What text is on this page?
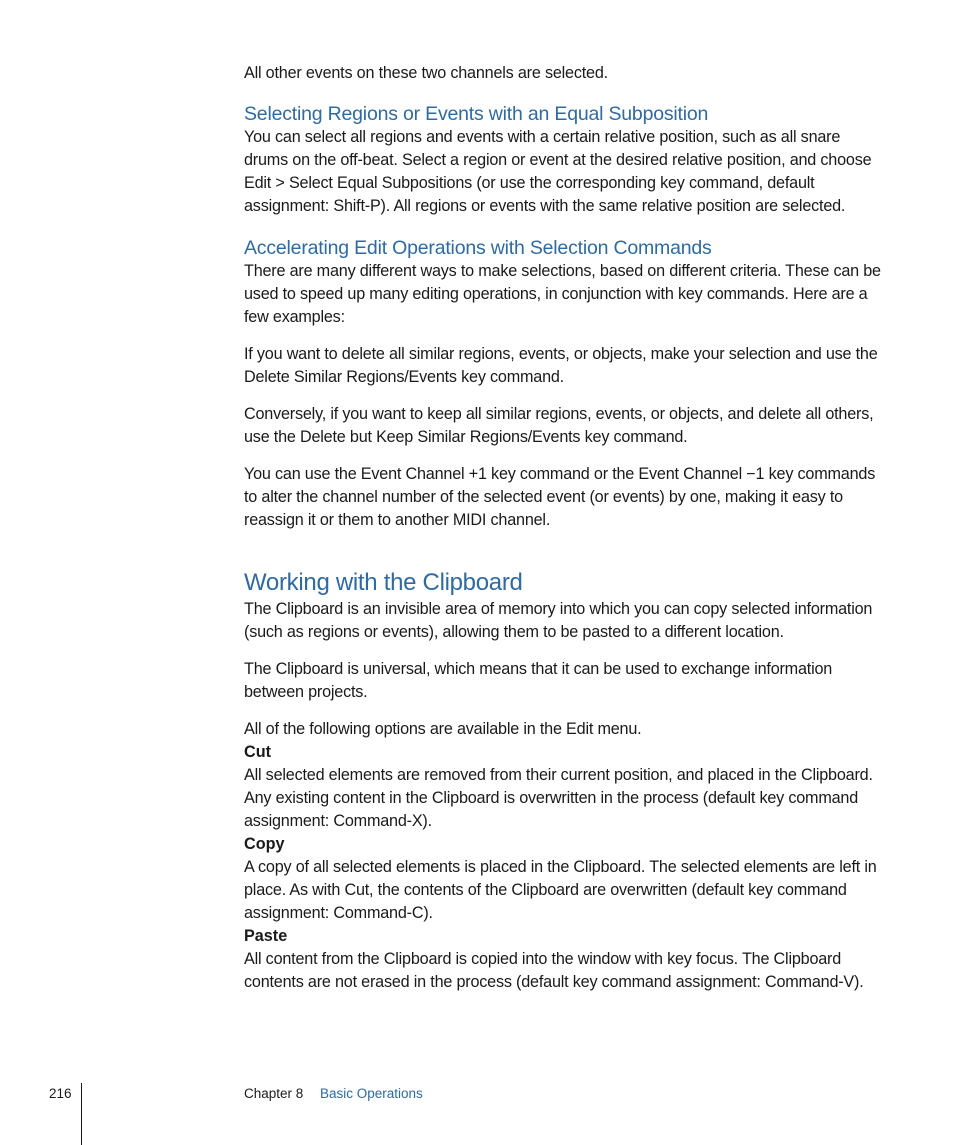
All other events on these two channels are selected.

Selecting Regions or Events with an Equal Subposition

You can select all regions and events with a certain relative position, such as all snare drums on the off-beat. Select a region or event at the desired relative position, and choose Edit > Select Equal Subpositions (or use the corresponding key command, default assignment: Shift-P). All regions or events with the same relative position are selected.

Accelerating Edit Operations with Selection Commands

There are many different ways to make selections, based on different criteria. These can be used to speed up many editing operations, in conjunction with key commands. Here are a few examples:

If you want to delete all similar regions, events, or objects, make your selection and use the Delete Similar Regions/Events key command.

Conversely, if you want to keep all similar regions, events, or objects, and delete all others, use the Delete but Keep Similar Regions/Events key command.

You can use the Event Channel +1 key command or the Event Channel −1 key commands to alter the channel number of the selected event (or events) by one, making it easy to reassign it or them to another MIDI channel.

Working with the Clipboard

The Clipboard is an invisible area of memory into which you can copy selected information (such as regions or events), allowing them to be pasted to a different location.

The Clipboard is universal, which means that it can be used to exchange information between projects.

All of the following options are available in the Edit menu.

Cut

All selected elements are removed from their current position, and placed in the Clipboard. Any existing content in the Clipboard is overwritten in the process (default key command assignment: Command-X).

Copy

A copy of all selected elements is placed in the Clipboard. The selected elements are left in place. As with Cut, the contents of the Clipboard are overwritten (default key command assignment: Command-C).

Paste

All content from the Clipboard is copied into the window with key focus. The Clipboard contents are not erased in the process (default key command assignment: Command-V).

216	Chapter 8 Basic Operations
